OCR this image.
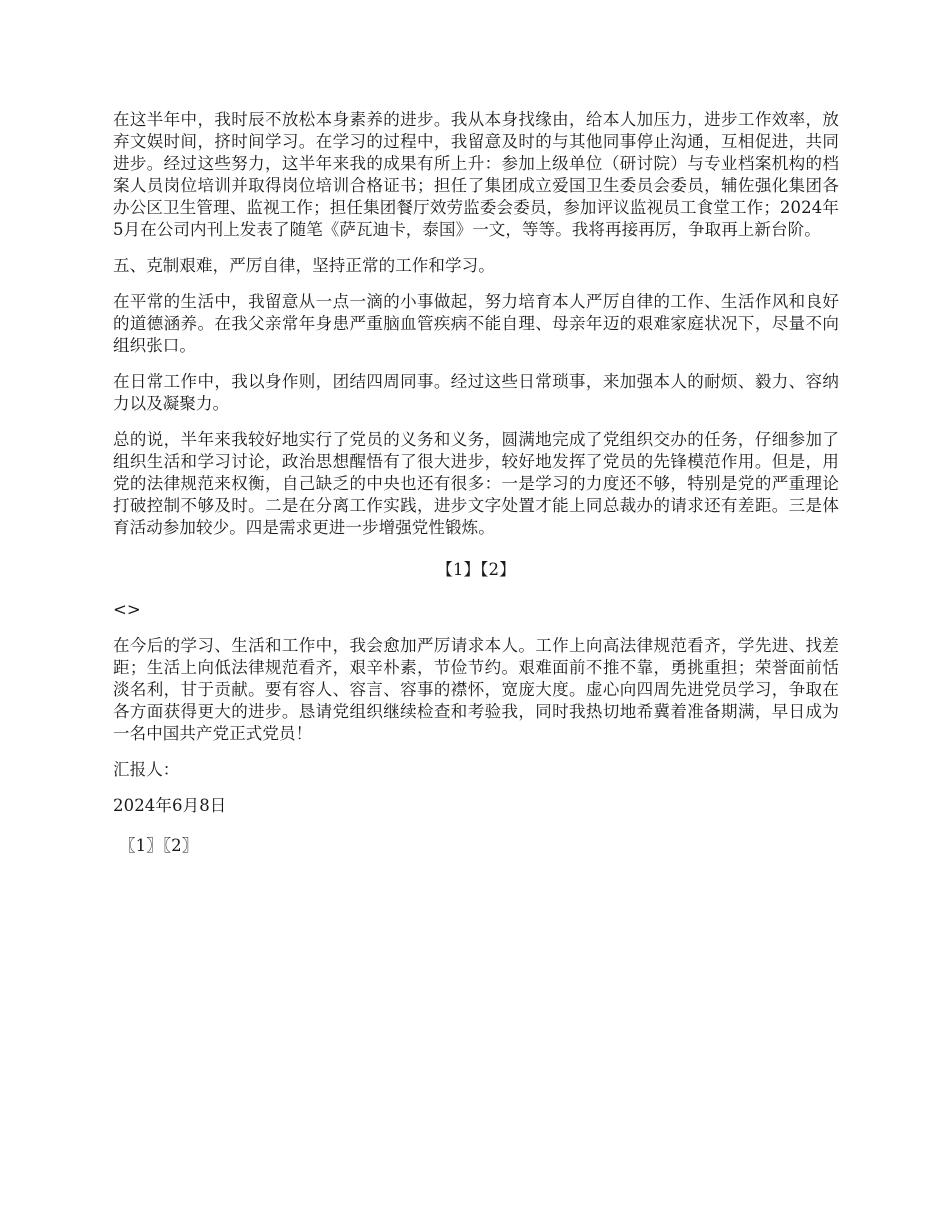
在这半年中，我时辰不放松本身素养的进步。我从本身找缘由，给本人加压力，进步工作效率，放弃文娱时间，挤时间学习。在学习的过程中，我留意及时的与其他同事停止沟通，互相促进，共同进步。经过这些努力，这半年来我的成果有所上升：参加上级单位（研讨院）与专业档案机构的档案人员岗位培训并取得岗位培训合格证书；担任了集团成立爱国卫生委员会委员，辅佐强化集团各办公区卫生管理、监视工作；担任集团餐厅效劳监委会委员，参加评议监视员工食堂工作；2024年5月在公司内刊上发表了随笔《萨瓦迪卡，泰国》一文，等等。我将再接再厉，争取再上新台阶。

五、克制艰难，严厉自律，坚持正常的工作和学习。

在平常的生活中，我留意从一点一滴的小事做起，努力培育本人严厉自律的工作、生活作风和良好的道德涵养。在我父亲常年身患严重脑血管疾病不能自理、母亲年迈的艰难家庭状况下，尽量不向组织张口。

在日常工作中，我以身作则，团结四周同事。经过这些日常琐事，来加强本人的耐烦、毅力、容纳力以及凝聚力。

总的说，半年来我较好地实行了党员的义务和义务，圆满地完成了党组织交办的任务，仔细参加了组织生活和学习讨论，政治思想醒悟有了很大进步，较好地发挥了党员的先锋模范作用。但是，用党的法律规范来权衡，自己缺乏的中央也还有很多：一是学习的力度还不够，特别是党的严重理论打破控制不够及时。二是在分离工作实践，进步文字处置才能上同总裁办的请求还有差距。三是体育活动参加较少。四是需求更进一步增强党性锻炼。

【1】【2】

<>

在今后的学习、生活和工作中，我会愈加严厉请求本人。工作上向高法律规范看齐，学先进、找差距；生活上向低法律规范看齐，艰辛朴素，节俭节约。艰难面前不推不靠，勇挑重担；荣誉面前恬淡名利，甘于贡献。要有容人、容言、容事的襟怀，宽庞大度。虚心向四周先进党员学习，争取在各方面获得更大的进步。恳请党组织继续检查和考验我，同时我热切地希冀着准备期满，早日成为一名中国共产党正式党员！

汇报人：

2024年6月8日

〖1〗〖2〗
